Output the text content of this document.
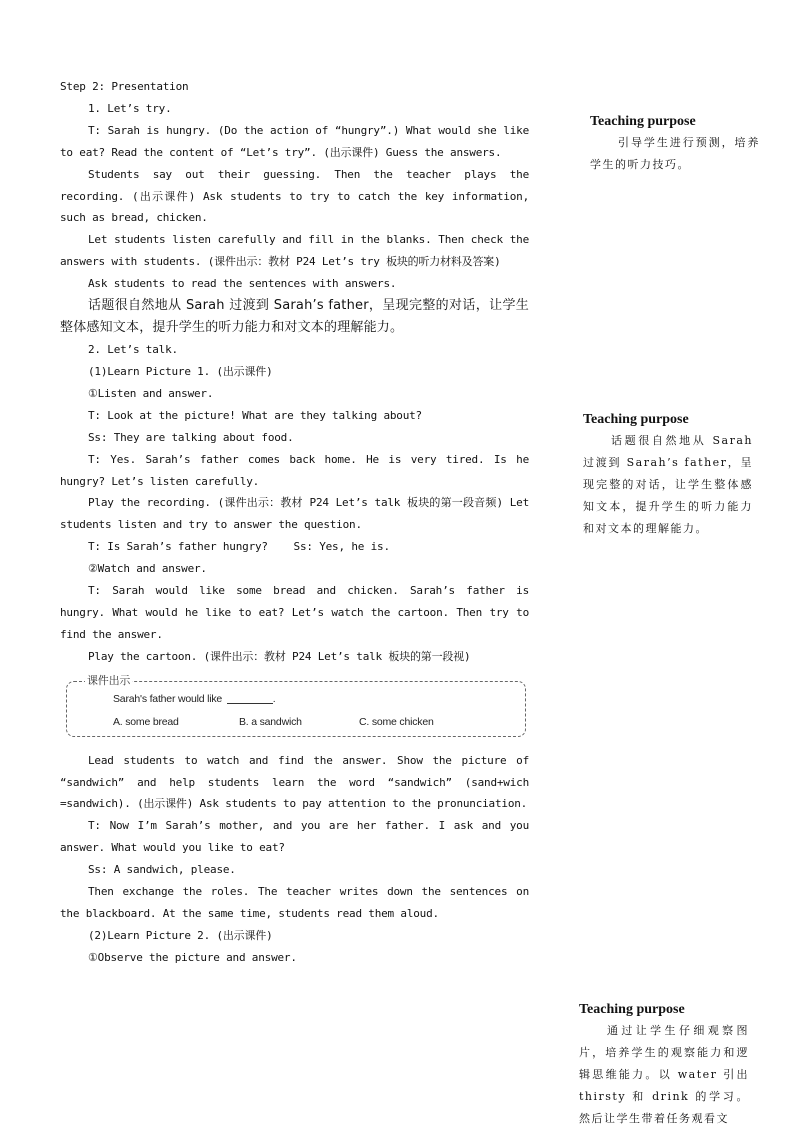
Step 2: Presentation

1. Let’s try.

T: Sarah is hungry. (Do the action of “hungry”.) What would she like to eat? Read the content of “Let’s try”. (出示课件) Guess the answers.

Students say out their guessing. Then the teacher plays the recording. (出示课件) Ask students to try to catch the key information, such as bread, chicken.

Let students listen carefully and fill in the blanks. Then check the answers with students. (课件出示：教材 P24 Let’s try 板块的听力材料及答案)

Ask students to read the sentences with answers.

话题很自然地从 Sarah 过渡到 Sarah’s father，呈现完整的对话，让学生整体感知文本，提升学生的听力能力和对文本的理解能力。

2. Let’s talk.

(1)Learn Picture 1. (出示课件)

①Listen and answer.

T: Look at the picture! What are they talking about?

Ss: They are talking about food.

T: Yes. Sarah’s father comes back home. He is very tired. Is he hungry? Let’s listen carefully.

Play the recording. (课件出示：教材 P24 Let’s talk 板块的第一段音频) Let students listen and try to answer the question.

T: Is Sarah’s father hungry?    Ss: Yes, he is.

②Watch and answer.

T: Sarah would like some bread and chicken. Sarah’s father is hungry. What would he like to eat? Let’s watch the cartoon. Then try to find the answer.

Play the cartoon. (课件出示：教材 P24 Let’s talk 板块的第一段视)

课件出示
Sarah's father would like	.
A. some bread	B. a sandwich	C. some chicken

Lead students to watch and find the answer. Show the picture of “sandwich” and help students learn the word “sandwich” (sand+wich =sandwich). (出示课件) Ask students to pay attention to the pronunciation.

T: Now I’m Sarah’s mother, and you are her father. I ask and you answer. What would you like to eat?

Ss: A sandwich, please.

Then exchange the roles. The teacher writes down the sentences on the blackboard. At the same time, students read them aloud.

(2)Learn Picture 2. (出示课件)

①Observe the picture and answer.

Teaching purpose
引导学生进行预测，培养学生的听力技巧。
Teaching purpose
话题很自然地从 Sarah 过渡到 Sarah’s father，呈现完整的对话，让学生整体感知文本，提升学生的听力能力和对文本的理解能力。
Teaching purpose
通过让学生仔细观察图片，培养学生的观察能力和逻辑思维能力。以 water 引出 thirsty 和 drink 的学习。然后让学生带着任务观看文
